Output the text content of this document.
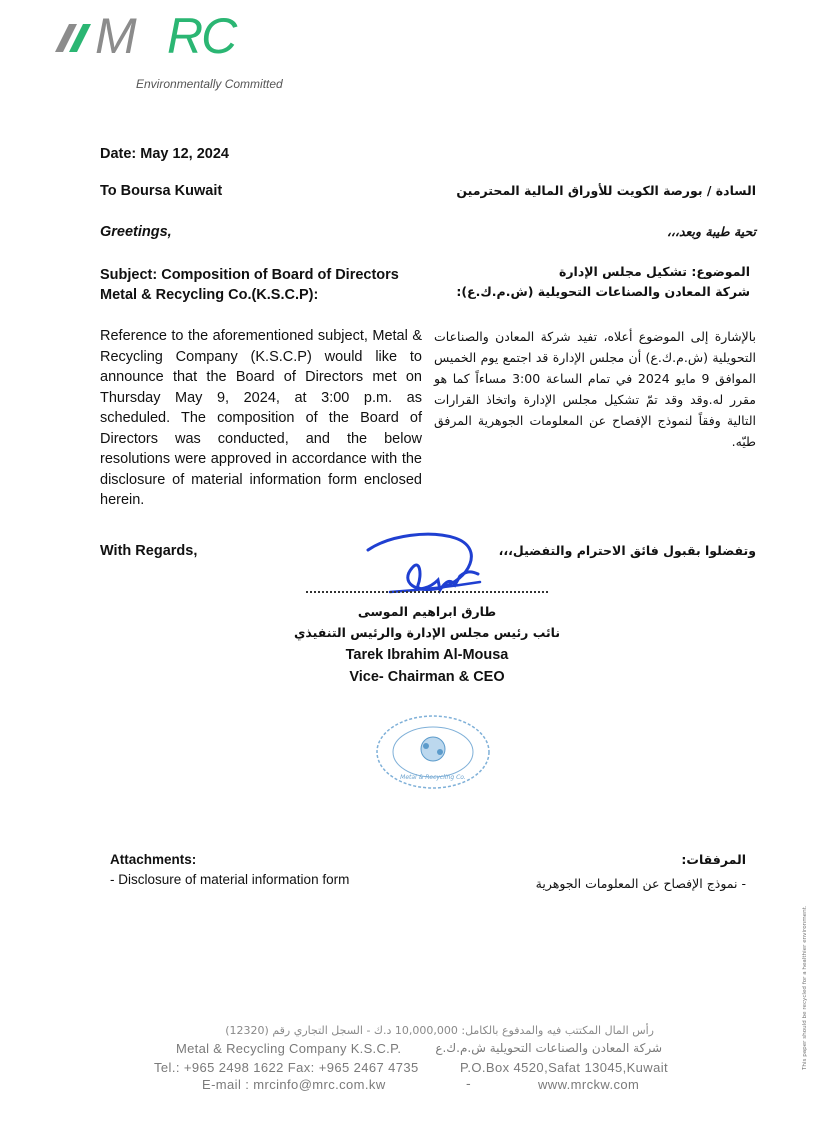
M RC
Environmentally Committed
Date: May 12, 2024
To Boursa Kuwait	السادة / بورصة الكويت للأوراق المالية المحترمين
Greetings,	تحية طيبة وبعد،،،
Subject: Composition of Board of Directors
Metal & Recycling Co.(K.S.C.P):
الموضوع: تشكيل مجلس الإدارة
شركة المعادن والصناعات التحويلية (ش.م.ك.ع):
Reference to the aforementioned subject, Metal & Recycling Company (K.S.C.P) would like to announce that the Board of Directors met on Thursday May 9, 2024, at 3:00 p.m. as scheduled. The composition of the Board of Directors was conducted, and the below resolutions were approved in accordance with the disclosure of material information form enclosed herein.
بالإشارة إلى الموضوع أعلاه، تفيد شركة المعادن والصناعات التحويلية (ش.م.ك.ع) أن مجلس الإدارة قد اجتمع يوم الخميس الموافق 9 مايو 2024 في تمام الساعة 3:00 مساءاً كما هو مقرر له.وقد وقد تمّ تشكيل مجلس الإدارة واتخاذ القرارات التالية وفقاً لنموذج الإفصاح عن المعلومات الجوهرية المرفق طيّه.
With Regards,	وتفضلوا بقبول فائق الاحترام والتفضيل،،،
طارق ابراهيم الموسى
نائب رئيس مجلس الإدارة والرئيس التنفيذي
Tarek Ibrahim Al-Mousa
Vice- Chairman & CEO
Metal & Recycling Co.
Attachments:
- Disclosure of material information form
المرفقات:
- نموذج الإفصاح عن المعلومات الجوهرية
رأس المال المكتتب فيه والمدفوع بالكامل: 10,000,000 د.ك - السجل التجاري رقم (12320)
Metal & Recycling Company K.S.C.P.	شركة المعادن والصناعات التحويلية ش.م.ك.ع
Tel.: +965 2498 1622 Fax: +965 2467 4735	P.O.Box 4520,Safat 13045,Kuwait
E-mail : mrcinfo@mrc.com.kw	-	www.mrckw.com
This paper should be recycled for a healthier environment.
